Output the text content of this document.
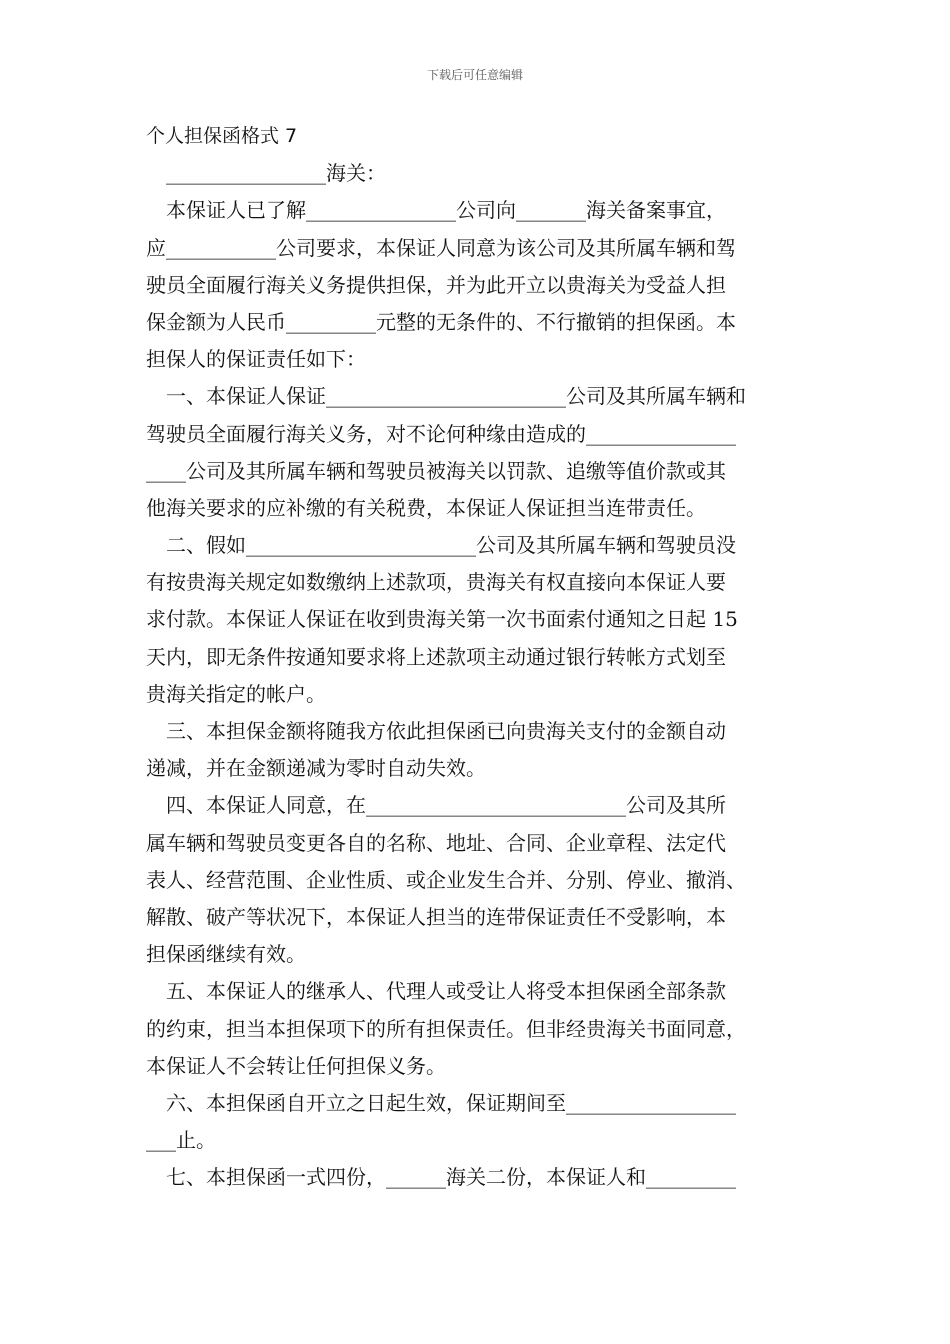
下载后可任意编辑
个人担保函格式 7
　________________海关：
　本保证人已了解_______________公司向_______海关备案事宜，
应___________公司要求，本保证人同意为该公司及其所属车辆和驾
驶员全面履行海关义务提供担保，并为此开立以贵海关为受益人担
保金额为人民币_________元整的无条件的、不行撤销的担保函。本
担保人的保证责任如下：
　一、本保证人保证________________________公司及其所属车辆和
驾驶员全面履行海关义务，对不论何种缘由造成的_______________
____公司及其所属车辆和驾驶员被海关以罚款、追缴等值价款或其
他海关要求的应补缴的有关税费，本保证人保证担当连带责任。
　二、假如_______________________公司及其所属车辆和驾驶员没
有按贵海关规定如数缴纳上述款项，贵海关有权直接向本保证人要
求付款。本保证人保证在收到贵海关第一次书面索付通知之日起 15
天内，即无条件按通知要求将上述款项主动通过银行转帐方式划至
贵海关指定的帐户。
　三、本担保金额将随我方依此担保函已向贵海关支付的金额自动
递减，并在金额递减为零时自动失效。
　四、本保证人同意，在__________________________公司及其所
属车辆和驾驶员变更各自的名称、地址、合同、企业章程、法定代
表人、经营范围、企业性质、或企业发生合并、分别、停业、撤消、
解散、破产等状况下，本保证人担当的连带保证责任不受影响，本
担保函继续有效。
　五、本保证人的继承人、代理人或受让人将受本担保函全部条款
的约束，担当本担保项下的所有担保责任。但非经贵海关书面同意，
本保证人不会转让任何担保义务。
　六、本担保函自开立之日起生效，保证期间至_________________
___止。
　七、本担保函一式四份，______海关二份，本保证人和_________
